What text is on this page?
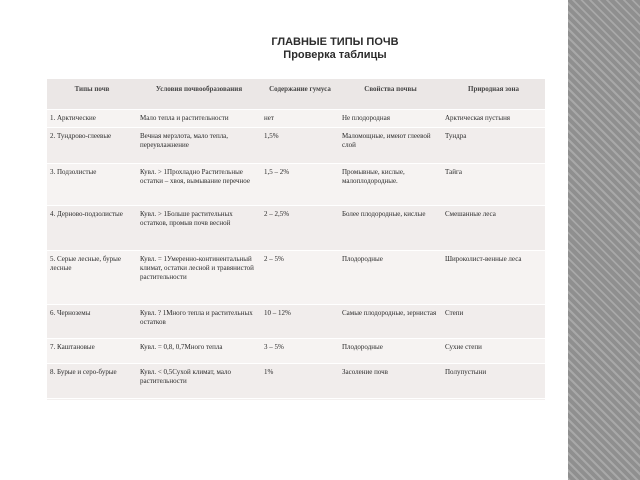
ГЛАВНЫЕ ТИПЫ ПОЧВ
Проверка таблицы
Типы почв	Условия почвообразования	Содержание гумуса	Свойства почвы	Природная зона
1. Арктические	Мало тепла и растительности	нет	Не плодородная	Арктическая пустыня
2. Тундрово-глеевые	Вечная мерзлота, мало тепла, переувлажнение	1,5%	Маломощные, имеют глеевой слой	Тундра
3. Подзолистые	Кувл. > 1Прохладно Растительные остатки – хвоя, вымывание перечное	1,5 – 2%	Промывные, кислые, малоплодородные.	Тайга
4. Дерново-подзолистые	Кувл. > 1Больше растительных остатков, промыв почв весной	2 – 2,5%	Более плодородные, кислые	Смешанные леса
5. Серые лесные, бурые лесные	Кувл. = 1Умеренно-континентальный климат, остатки лесной и травянистой растительности	2 – 5%	Плодородные	Широколист-венные леса
6. Черноземы	Кувл. ? 1Много тепла и растительных остатков	10 – 12%	Самые плодородные, зернистая	Степи
7. Каштановые	Кувл. = 0,8, 0,7Много тепла	3 – 5%	Плодородные	Сухие степи
8. Бурые и серо-бурые	Кувл. < 0,5Сухой климат, мало растительности	1%	Засоление почв	Полупустыни
